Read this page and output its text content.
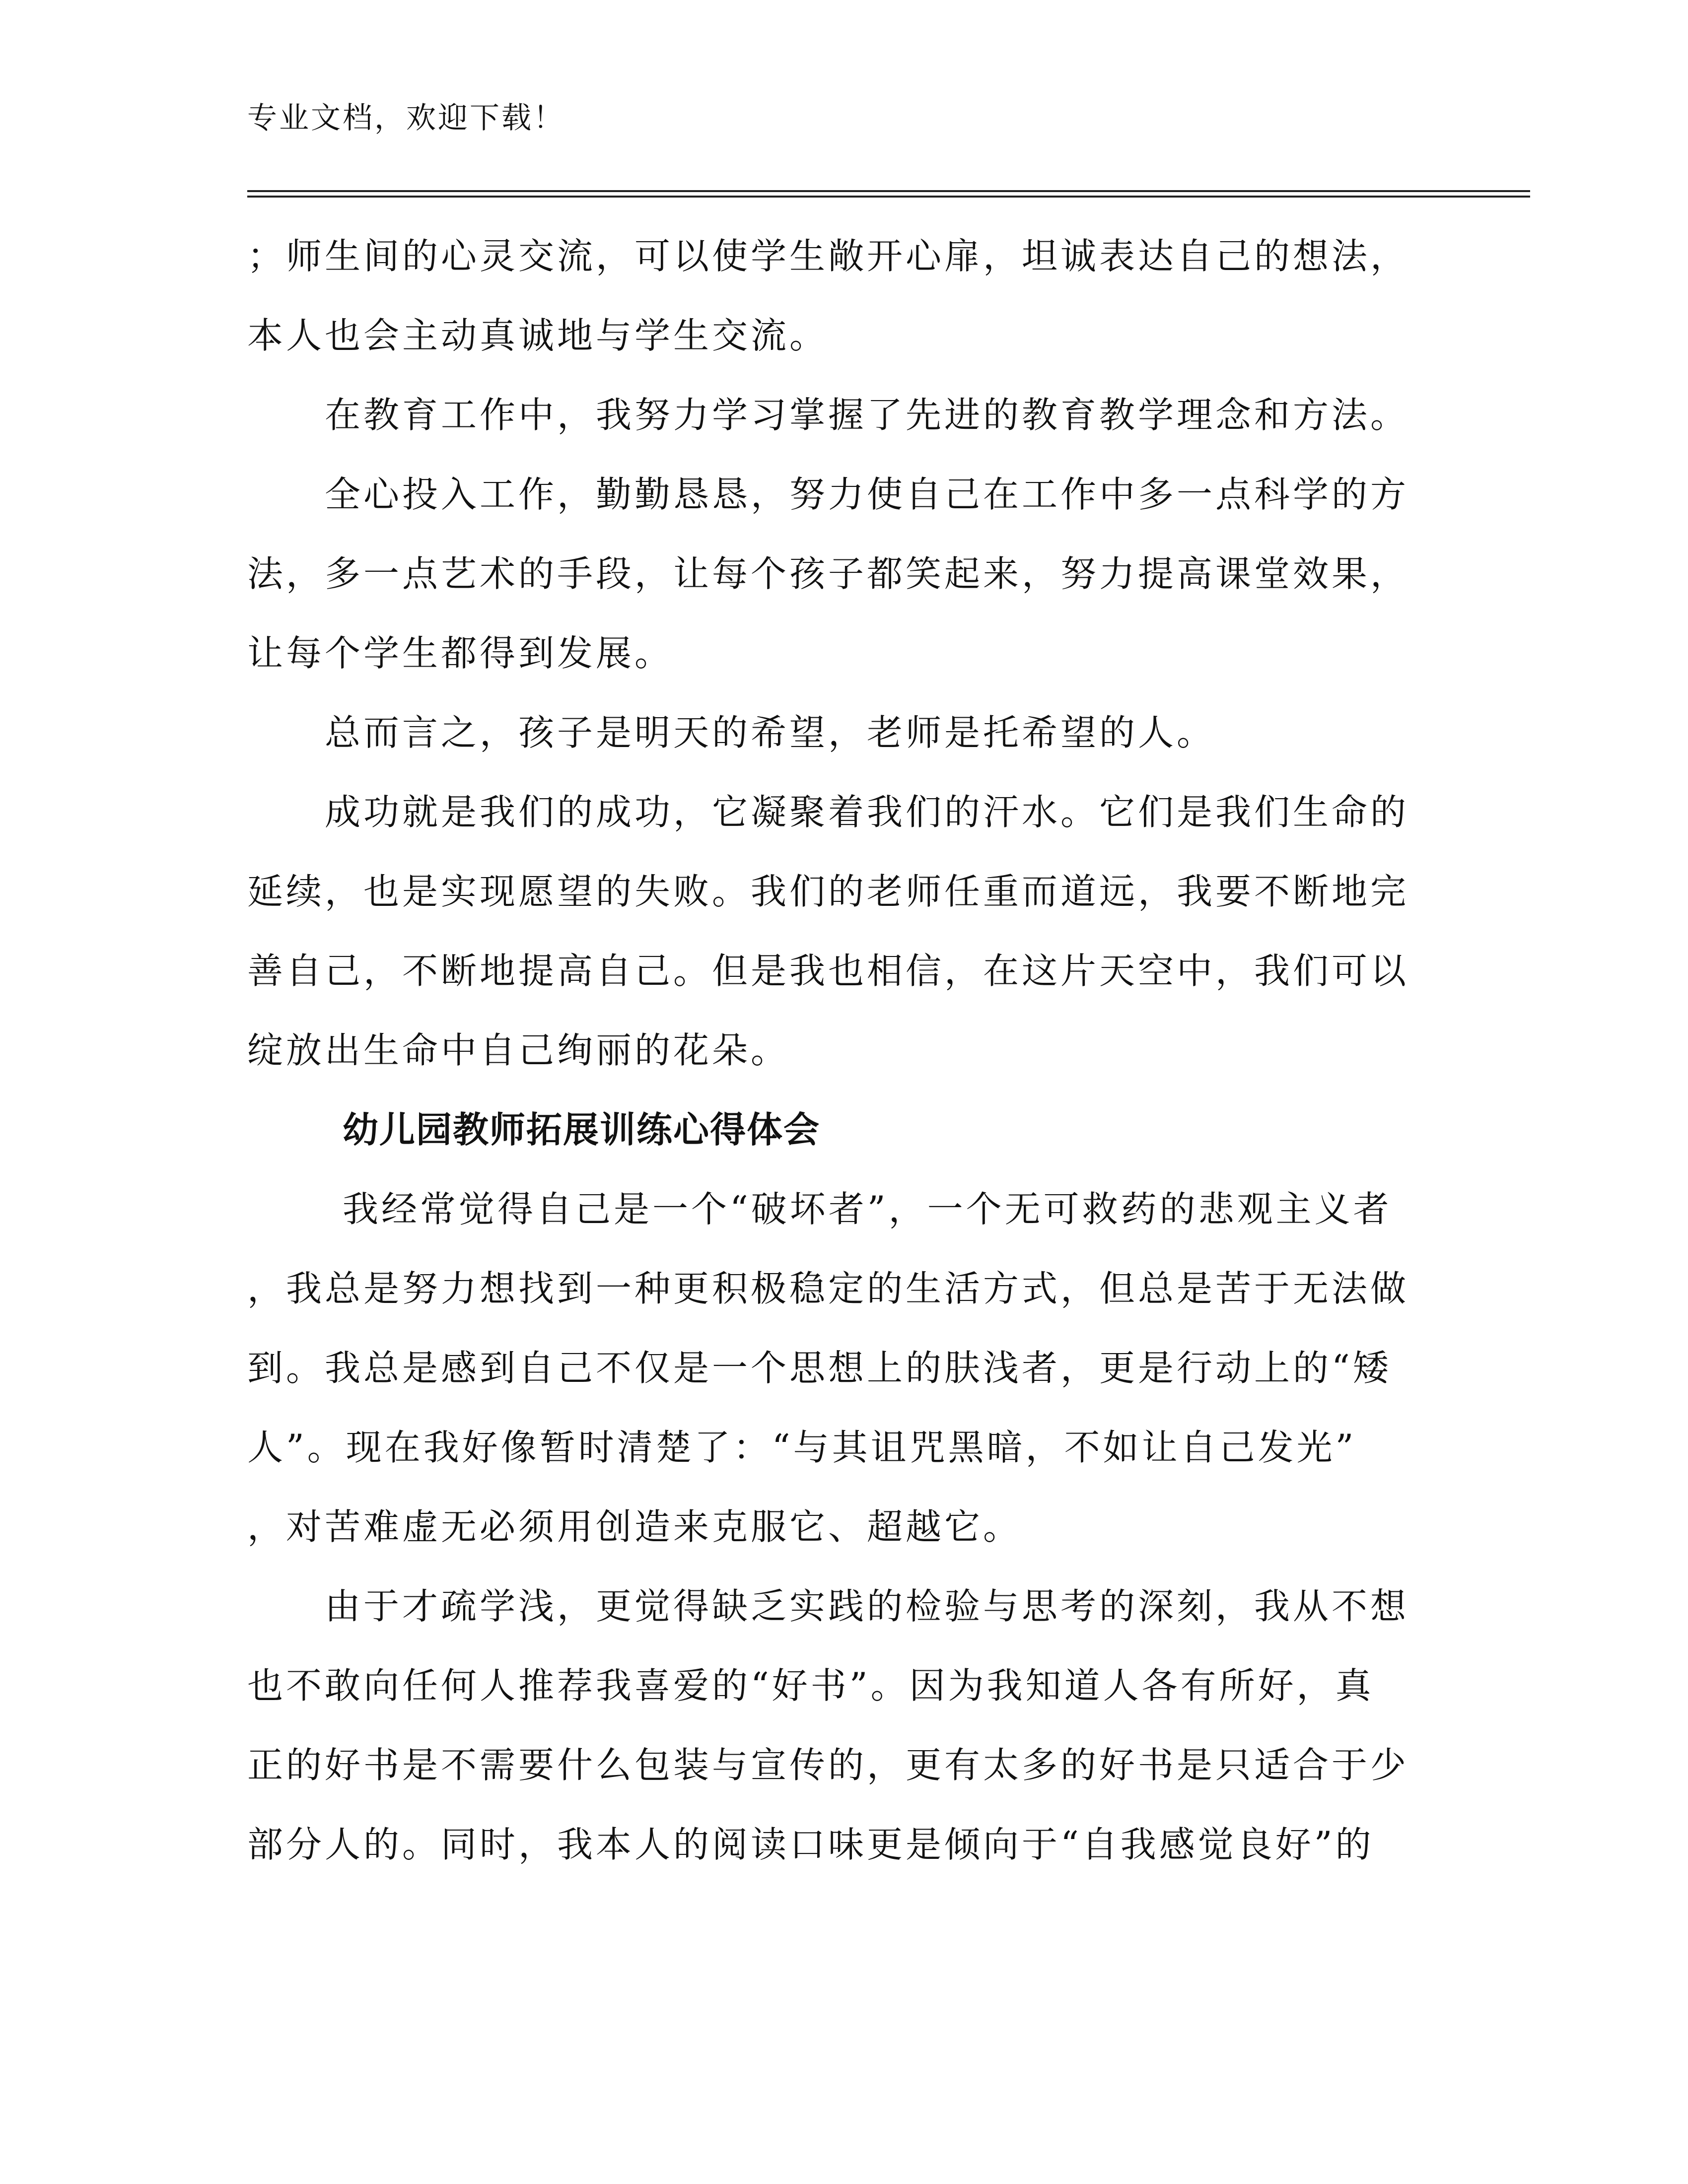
专业文档，欢迎下载！
；师生间的心灵交流，可以使学生敞开心扉，坦诚表达自己的想法，
本人也会主动真诚地与学生交流。
在教育工作中，我努力学习掌握了先进的教育教学理念和方法。
全心投入工作，勤勤恳恳，努力使自己在工作中多一点科学的方
法，多一点艺术的手段，让每个孩子都笑起来，努力提高课堂效果，
让每个学生都得到发展。
总而言之，孩子是明天的希望，老师是托希望的人。
成功就是我们的成功，它凝聚着我们的汗水。它们是我们生命的
延续，也是实现愿望的失败。我们的老师任重而道远，我要不断地完
善自己，不断地提高自己。但是我也相信，在这片天空中，我们可以
绽放出生命中自己绚丽的花朵。
幼儿园教师拓展训练心得体会
我经常觉得自己是一个“破坏者”，一个无可救药的悲观主义者
，我总是努力想找到一种更积极稳定的生活方式，但总是苦于无法做
到。我总是感到自己不仅是一个思想上的肤浅者，更是行动上的“矮
人”。现在我好像暂时清楚了：“与其诅咒黑暗，不如让自己发光”
，对苦难虚无必须用创造来克服它、超越它。
由于才疏学浅，更觉得缺乏实践的检验与思考的深刻，我从不想
也不敢向任何人推荐我喜爱的“好书”。因为我知道人各有所好，真
正的好书是不需要什么包装与宣传的，更有太多的好书是只适合于少
部分人的。同时，我本人的阅读口味更是倾向于“自我感觉良好”的
